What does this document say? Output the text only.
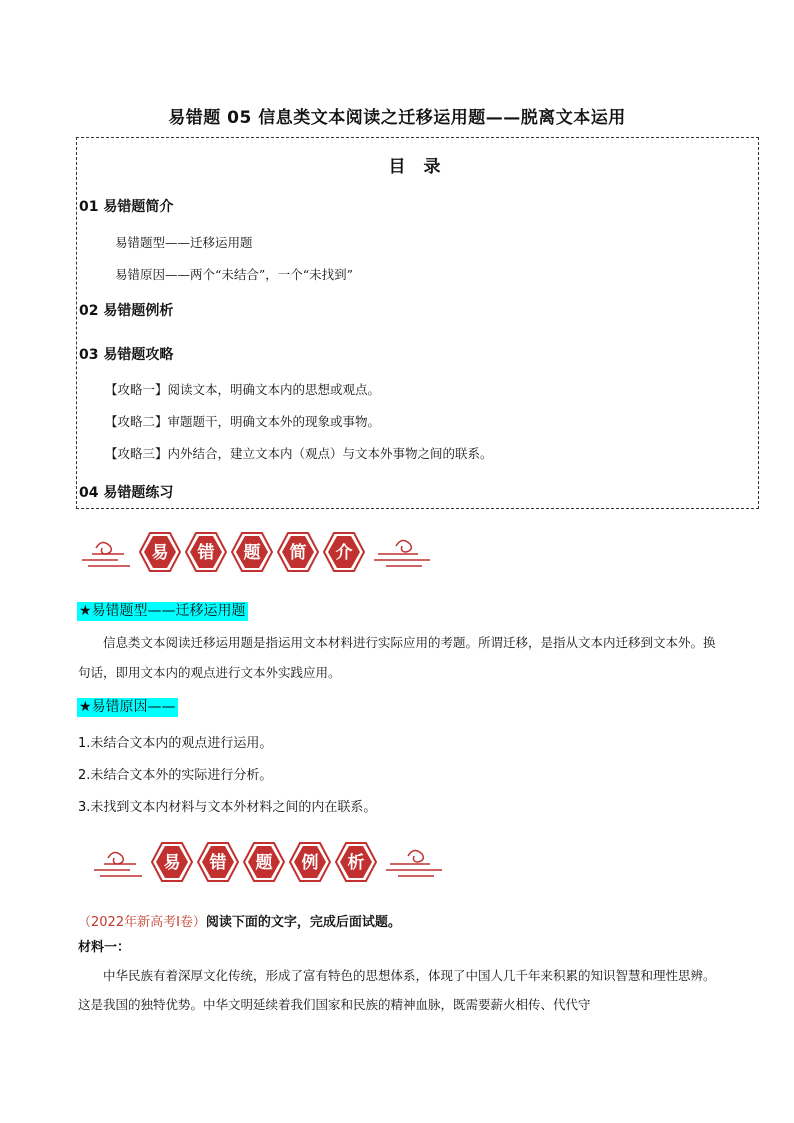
易错题 05 信息类文本阅读之迁移运用题——脱离文本运用
目 录
01 易错题简介
易错题型——迁移运用题
易错原因——两个“未结合”，一个“未找到”
02 易错题例析
03 易错题攻略
【攻略一】阅读文本，明确文本内的思想或观点。
【攻略二】审题题干，明确文本外的现象或事物。
【攻略三】内外结合，建立文本内（观点）与文本外事物之间的联系。
04 易错题练习
易 错 题 简 介
★易错题型——迁移运用题
信息类文本阅读迁移运用题是指运用文本材料进行实际应用的考题。所谓迁移，是指从文本内迁移到文本外。换句话，即用文本内的观点进行文本外实践应用。
★易错原因——
1.未结合文本内的观点进行运用。
2.未结合文本外的实际进行分析。
3.未找到文本内材料与文本外材料之间的内在联系。
易 错 题 例 析
（2022年新高考Ⅰ卷）阅读下面的文字，完成后面试题。
材料一：
中华民族有着深厚文化传统，形成了富有特色的思想体系，体现了中国人几千年来积累的知识智慧和理性思辨。这是我国的独特优势。中华文明延续着我们国家和民族的精神血脉，既需要薪火相传、代代守
